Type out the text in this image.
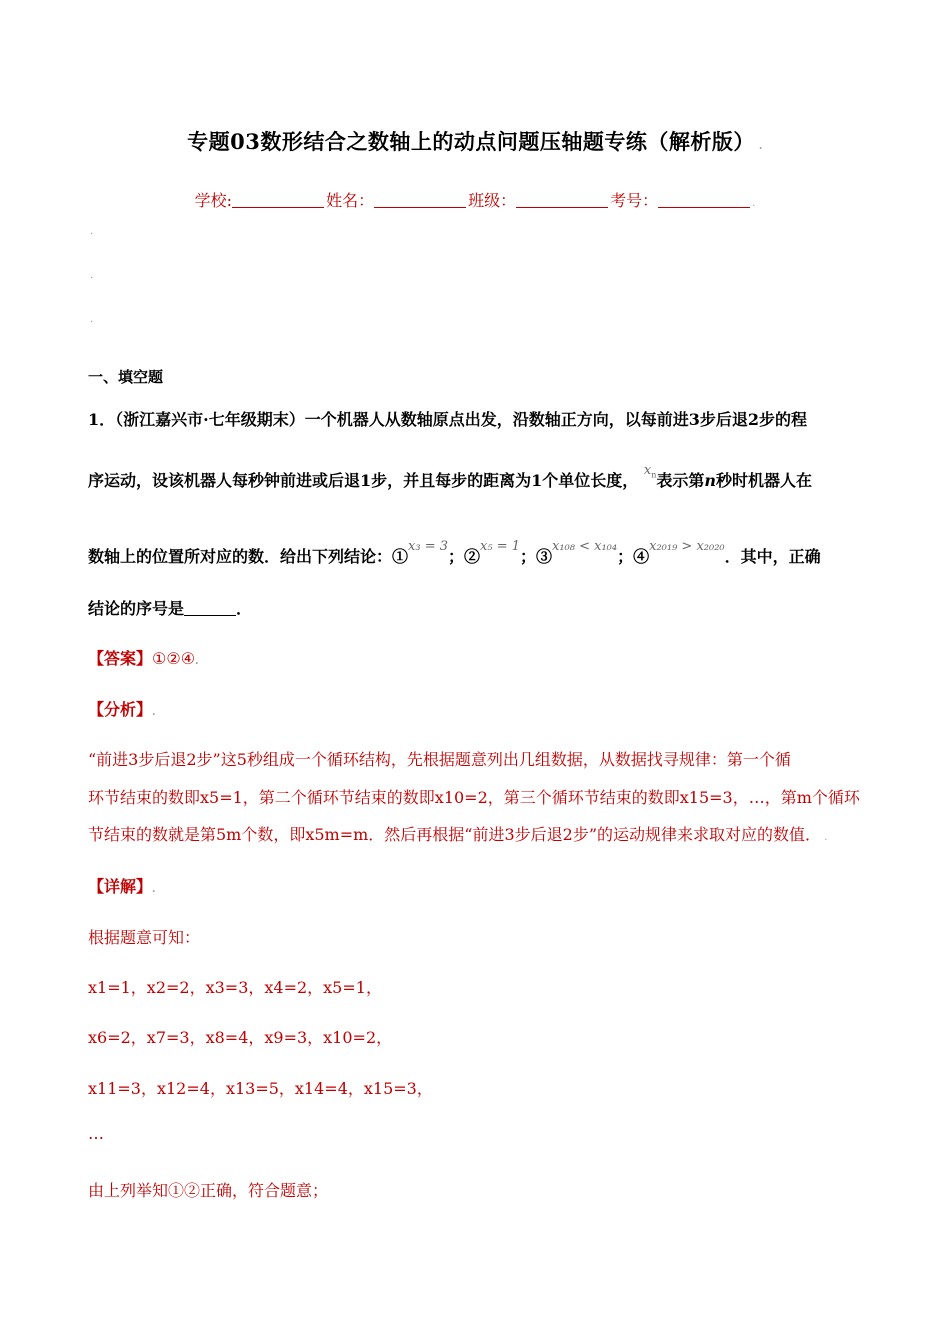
专题03数形结合之数轴上的动点问题压轴题专练（解析版） .
学校:	姓名：	班级：	考号：	.
.
.
.
一、填空题
1．（浙江嘉兴市·七年级期末）一个机器人从数轴原点出发，沿数轴正方向，以每前进3步后退2步的程
序运动，设该机器人每秒钟前进或后退1步，并且每步的距离为1个单位长度， $^{x_n}$表示第n秒时机器人在
数轴上的位置所对应的数．给出下列结论：①$^{x_3 = 3}$；②$^{x_5 = 1}$；③$^{x_{108} < x_{104}}$；④$^{x_{2019} > x_{2020}}$．其中，正确
结论的序号是	．
【答案】①②④.
【分析】.
“前进3步后退2步”这5秒组成一个循环结构，先根据题意列出几组数据，从数据找寻规律：第一个循
环节结束的数即x5=1，第二个循环节结束的数即x10=2，第三个循环节结束的数即x15=3，…，第m个循环
节结束的数就是第5m个数，即x5m=m．然后再根据“前进3步后退2步”的运动规律来求取对应的数值． .
【详解】.
根据题意可知：
x1=1，x2=2，x3=3，x4=2，x5=1，
x6=2，x7=3，x8=4，x9=3，x10=2，
x11=3，x12=4，x13=5，x14=4，x15=3，
…
由上列举知①②正确，符合题意；
